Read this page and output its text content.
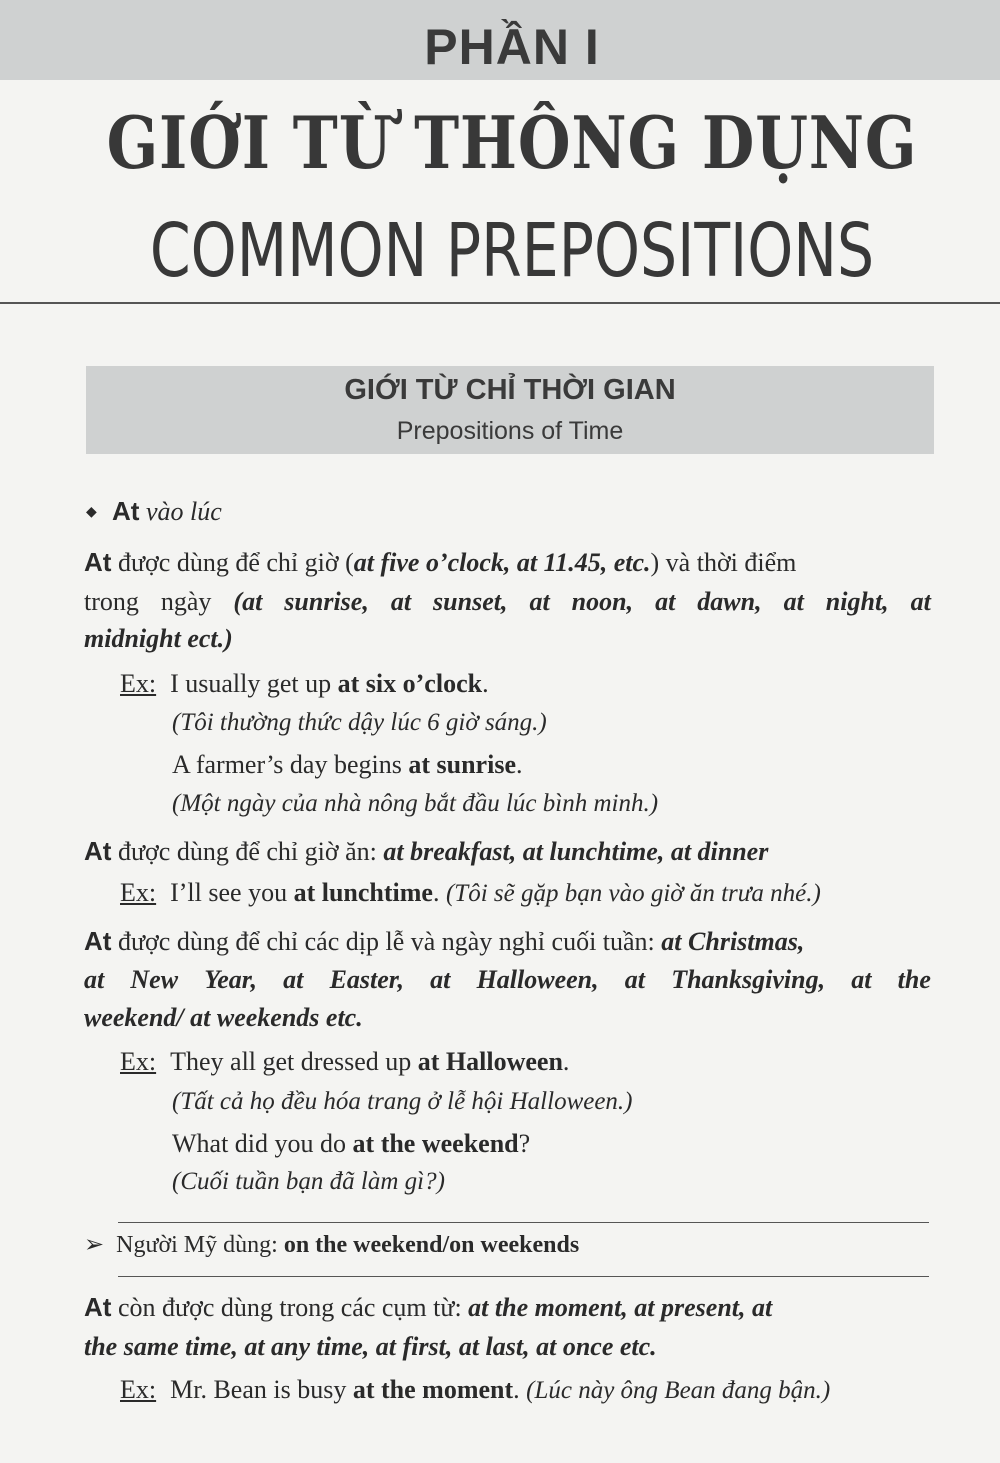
PHẦN I
GIỚI TỪ THÔNG DỤNG
COMMON PREPOSITIONS
GIỚI TỪ CHỈ THỜI GIAN
Prepositions of Time
◆ At vào lúc
At được dùng để chỉ giờ (at five o’clock, at 11.45, etc.) và thời điểm
trong ngày (at sunrise, at sunset, at noon, at dawn, at night, at
midnight ect.)
Ex: I usually get up at six o’clock.
(Tôi thường thức dậy lúc 6 giờ sáng.)
A farmer’s day begins at sunrise.
(Một ngày của nhà nông bắt đầu lúc bình minh.)
At được dùng để chỉ giờ ăn: at breakfast, at lunchtime, at dinner
Ex: I’ll see you at lunchtime. (Tôi sẽ gặp bạn vào giờ ăn trưa nhé.)
At được dùng để chỉ các dịp lễ và ngày nghỉ cuối tuần: at Christmas,
at New Year, at Easter, at Halloween, at Thanksgiving, at the
weekend/ at weekends etc.
Ex: They all get dressed up at Halloween.
(Tất cả họ đều hóa trang ở lễ hội Halloween.)
What did you do at the weekend?
(Cuối tuần bạn đã làm gì?)
➢ Người Mỹ dùng: on the weekend/on weekends
At còn được dùng trong các cụm từ: at the moment, at present, at
the same time, at any time, at first, at last, at once etc.
Ex: Mr. Bean is busy at the moment. (Lúc này ông Bean đang bận.)
